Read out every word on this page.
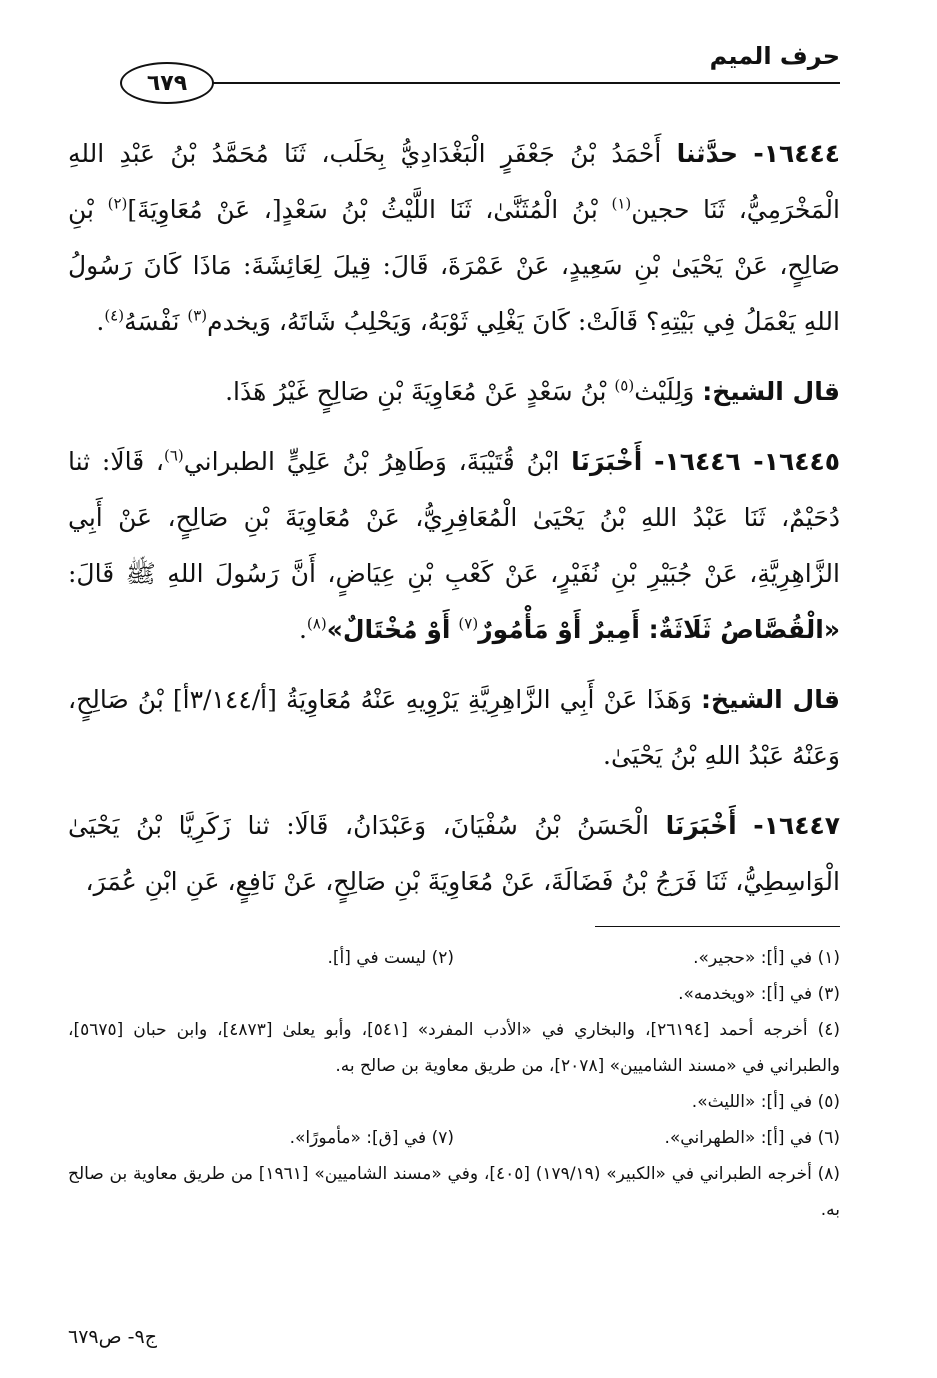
حرف الميم
٦٧٩

١٦٤٤٤- حدَّثنا أَحْمَدُ بْنُ جَعْفَرٍ الْبَغْدَادِيُّ بِحَلَب، ثَنَا مُحَمَّدُ بْنُ عَبْدِ اللهِ الْمَخْرَمِيُّ، ثَنَا حجين$^{(١)}$ بْنُ الْمُثَنَّىٰ، ثَنَا اللَّيْثُ بْنُ سَعْدٍ[، عَنْ مُعَاوِيَةَ]$^{(٢)}$ بْنِ صَالِحٍ، عَنْ يَحْيَىٰ بْنِ سَعِيدٍ، عَنْ عَمْرَةَ، قَالَ: قِيلَ لِعَائِشَةَ: مَاذَا كَانَ رَسُولُ اللهِ يَعْمَلُ فِي بَيْتِهِ؟ قَالَتْ: كَانَ يَغْلِي ثَوْبَهُ، وَيَحْلِبُ شَاتَهُ، وَيخدم$^{(٣)}$ نَفْسَهُ$^{(٤)}$.

قال الشيخ: وَلِلَيْث$^{(٥)}$ بْنُ سَعْدٍ عَنْ مُعَاوِيَةَ بْنِ صَالِحٍ غَيْرُ هَذَا.

١٦٤٤٥- ١٦٤٤٦- أَخْبَرَنَا ابْنُ قُتَيْبَةَ، وَطَاهِرُ بْنُ عَلِيٍّ الطبراني$^{(٦)}$، قَالَا: ثنا دُحَيْمٌ، ثَنَا عَبْدُ اللهِ بْنُ يَحْيَىٰ الْمُعَافِرِيُّ، عَنْ مُعَاوِيَةَ بْنِ صَالِحٍ، عَنْ أَبِي الزَّاهِرِيَّةِ، عَنْ جُبَيْرِ بْنِ نُفَيْرٍ، عَنْ كَعْبِ بْنِ عِيَاضٍ، أَنَّ رَسُولَ اللهِ ﷺ قَالَ: «الْقُصَّاصُ ثَلَاثَةٌ: أَمِيرٌ أَوْ مَأْمُورٌ$^{(٧)}$ أَوْ مُخْتَالٌ»$^{(٨)}$.

قال الشيخ: وَهَذَا عَنْ أَبِي الزَّاهِرِيَّةِ يَرْوِيهِ عَنْهُ مُعَاوِيَةُ [أ/٣/١٤٤أ] بْنُ صَالِحٍ، وَعَنْهُ عَبْدُ اللهِ بْنُ يَحْيَىٰ.

١٦٤٤٧- أَخْبَرَنَا الْحَسَنُ بْنُ سُفْيَانَ، وَعَبْدَانُ، قَالَا: ثنا زَكَرِيَّا بْنُ يَحْيَىٰ الْوَاسِطِيُّ، ثَنَا فَرَجُ بْنُ فَضَالَةَ، عَنْ مُعَاوِيَةَ بْنِ صَالِحٍ، عَنْ نَافِعٍ، عَنِ ابْنِ عُمَرَ،

(١) في [أ]: «حجير».
(٢) ليست في [أ].

(٣) في [أ]: «ويخدمه».

(٤) أخرجه أحمد [٢٦١٩٤]، والبخاري في «الأدب المفرد» [٥٤١]، وأبو يعلىٰ [٤٨٧٣]، وابن حبان [٥٦٧٥]، والطبراني في «مسند الشاميين» [٢٠٧٨]، من طريق معاوية بن صالح به.

(٥) في [أ]: «الليث».

(٦) في [أ]: «الطهراني».
(٧) في [ق]: «مأمورًا».

(٨) أخرجه الطبراني في «الكبير» (١٧٩/١٩) [٤٠٥]، وفي «مسند الشاميين» [١٩٦١] من طريق معاوية بن صالح به.

ج٩- ص٦٧٩
